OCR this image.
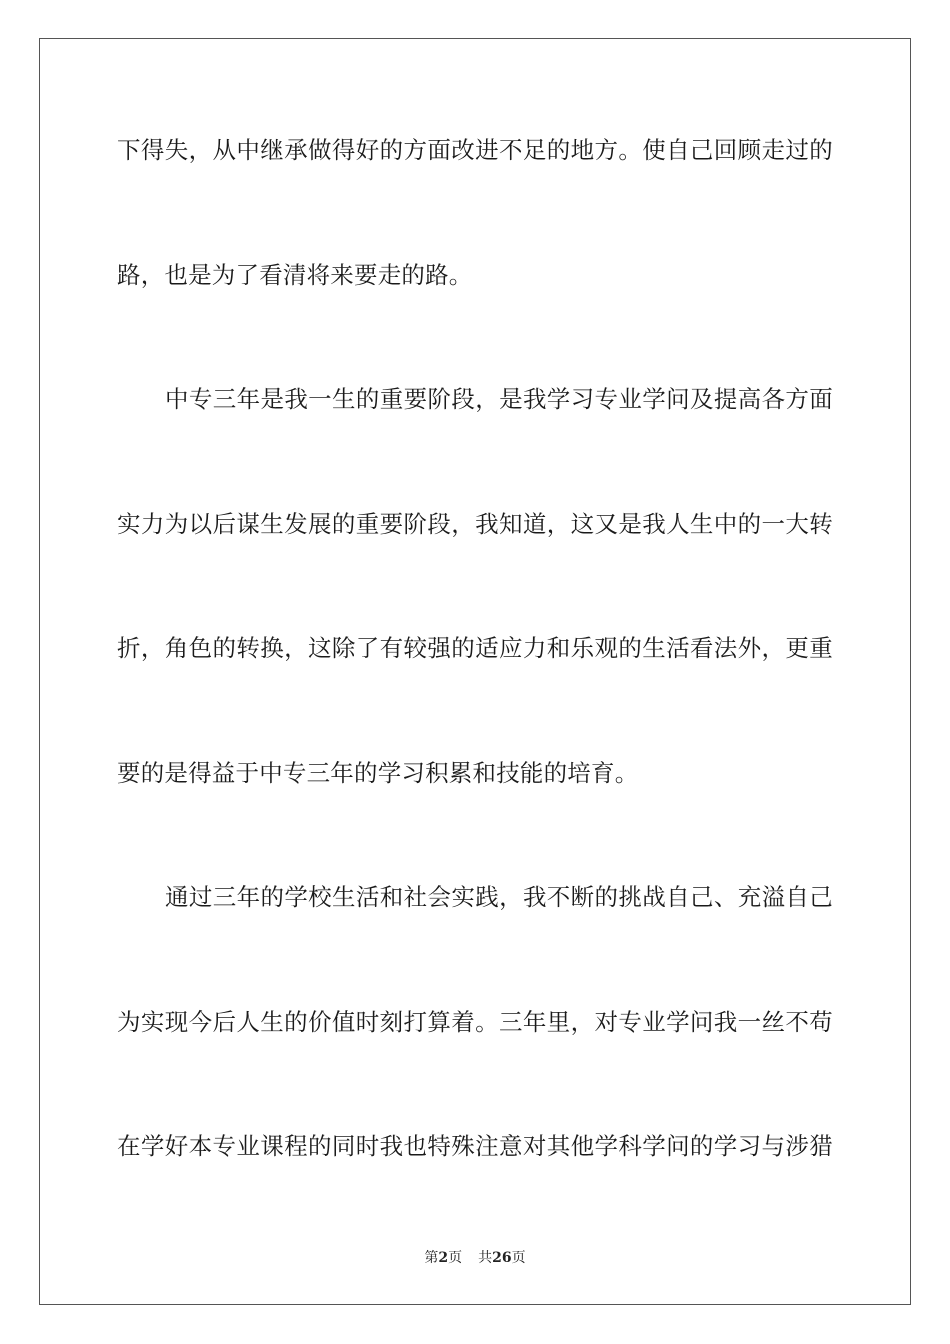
下得失，从中继承做得好的方面改进不足的地方。使自己回顾走过的

路，也是为了看清将来要走的路。

中专三年是我一生的重要阶段，是我学习专业学问及提高各方面

实力为以后谋生发展的重要阶段，我知道，这又是我人生中的一大转

折，角色的转换，这除了有较强的适应力和乐观的生活看法外，更重

要的是得益于中专三年的学习积累和技能的培育。

通过三年的学校生活和社会实践，我不断的挑战自己、充溢自己

为实现今后人生的价值时刻打算着。三年里，对专业学问我一丝不苟

在学好本专业课程的同时我也特殊注意对其他学科学问的学习与涉猎

第2页 共26页
